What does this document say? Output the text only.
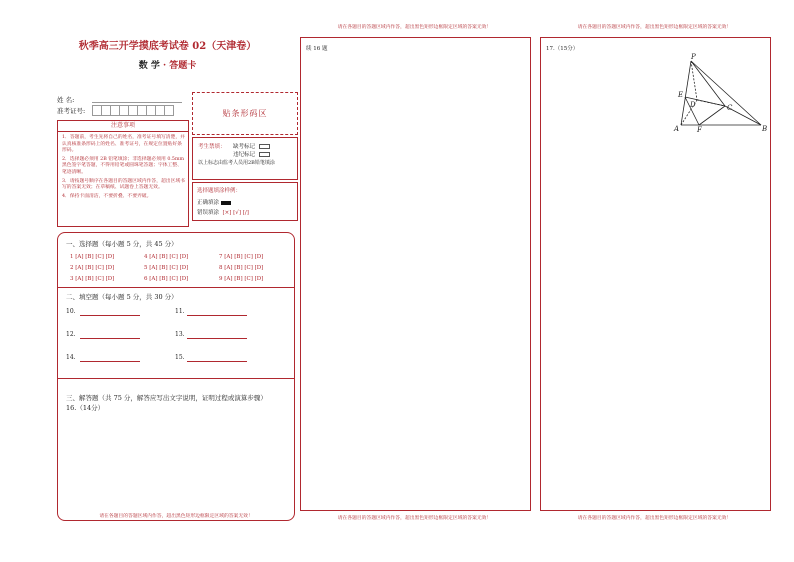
秋季高三开学摸底考试卷 02（天津卷）
数 学 · 答题卡
姓 名:
准考证号:
注意事项
1．答题前，考生先将自己的姓名，准考证号填写清楚，并认真核准条形码上的姓名、准考证号，在规定位置贴好条形码。
2．选择题必须用 2B 铅笔填涂；非选择题必须用 0.5mm 黑色签字笔答题，不得用铅笔或圆珠笔答题；字体工整、笔迹清晰。
3．请按题号顺序在各题目的答题区域内作答，超出区域书写的答案无效；在草稿纸、试题卷上答题无效。
4．保持卡面清洁，不要折叠、不要弄破。
贴条形码区
考生禁填： 缺考标记
违纪标记
以上标志由监考人员用2B铅笔填涂
选择题填涂样例：
正确填涂
错误填涂 [×] [√] [/]
一、选择题（每小题 5 分，共 45 分）
1 [A] [B] [C] [D]	4 [A] [B] [C] [D]	7 [A] [B] [C] [D]
2 [A] [B] [C] [D]	5 [A] [B] [C] [D]	8 [A] [B] [C] [D]
3 [A] [B] [C] [D]	6 [A] [B] [C] [D]	9 [A] [B] [C] [D]
二、填空题（每小题 5 分，共 30 分）
10.	11.
12.	13.
14.	15.
三、解答题（共 75 分，解答应写出文字说明，证明过程或演算步骤）
16.（14分）
请在各题目的答题区域内作答，超出黑色矩形边框限定区域的答案无效！
请在各题目的答题区域内作答，超出黑色矩形边框限定区域的答案无效！
续 16 题
请在各题目的答题区域内作答，超出黑色矩形边框限定区域的答案无效！
请在各题目的答题区域内作答，超出黑色矩形边框限定区域的答案无效！
17.（15分）
P
E
D	C
A	F	B
请在各题目的答题区域内作答，超出黑色矩形边框限定区域的答案无效！
